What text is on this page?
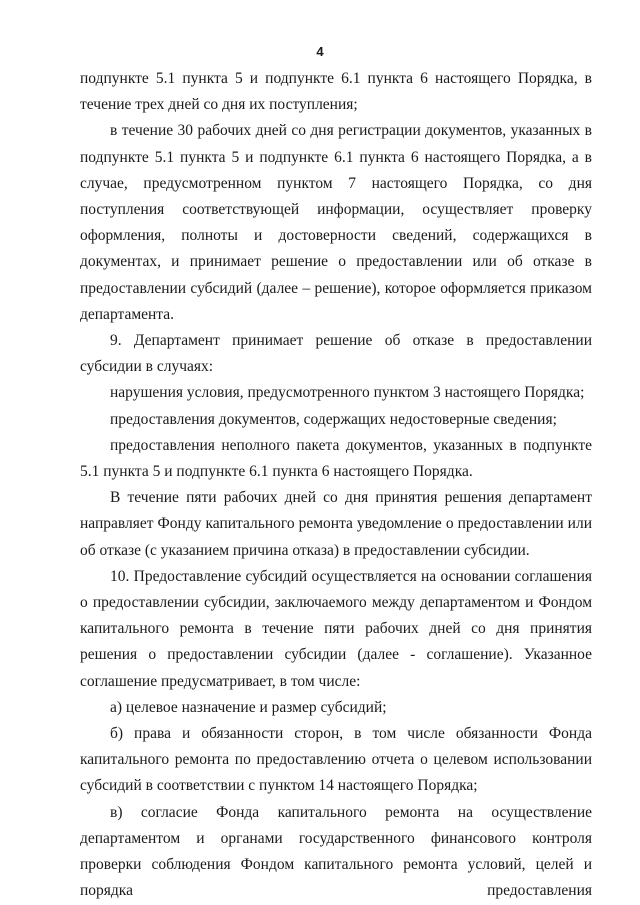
4

подпункте 5.1 пункта 5 и подпункте 6.1 пункта 6 настоящего Порядка, в течение трех дней со дня их поступления;

в течение 30 рабочих дней со дня регистрации документов, указанных в подпункте 5.1 пункта 5 и подпункте 6.1 пункта 6 настоящего Порядка, а в случае, предусмотренном пунктом 7 настоящего Порядка, со дня поступления соответствующей информации, осуществляет проверку оформления, полноты и достоверности сведений, содержащихся в документах, и принимает решение о предоставлении или об отказе в предоставлении субсидий (далее – решение), которое оформляется приказом департамента.

9. Департамент принимает решение об отказе в предоставлении субсидии в случаях:

нарушения условия, предусмотренного пунктом 3 настоящего Порядка;

предоставления документов, содержащих недостоверные сведения;

предоставления неполного пакета документов, указанных в подпункте 5.1 пункта 5 и подпункте 6.1 пункта 6 настоящего Порядка.

В течение пяти рабочих дней со дня принятия решения департамент направляет Фонду капитального ремонта уведомление о предоставлении или об отказе (с указанием причина отказа) в предоставлении субсидии.

10. Предоставление субсидий осуществляется на основании соглашения о предоставлении субсидии, заключаемого между департаментом и Фондом капитального ремонта в течение пяти рабочих дней со дня принятия решения о предоставлении субсидии (далее - соглашение). Указанное соглашение предусматривает, в том числе:

а) целевое назначение и размер субсидий;

б) права и обязанности сторон, в том числе обязанности Фонда капитального ремонта по предоставлению отчета о целевом использовании субсидий в соответствии с пунктом 14 настоящего Порядка;

в) согласие Фонда капитального ремонта на осуществление департаментом и органами государственного финансового контроля проверки соблюдения Фондом капитального ремонта условий, целей и порядка предоставления
